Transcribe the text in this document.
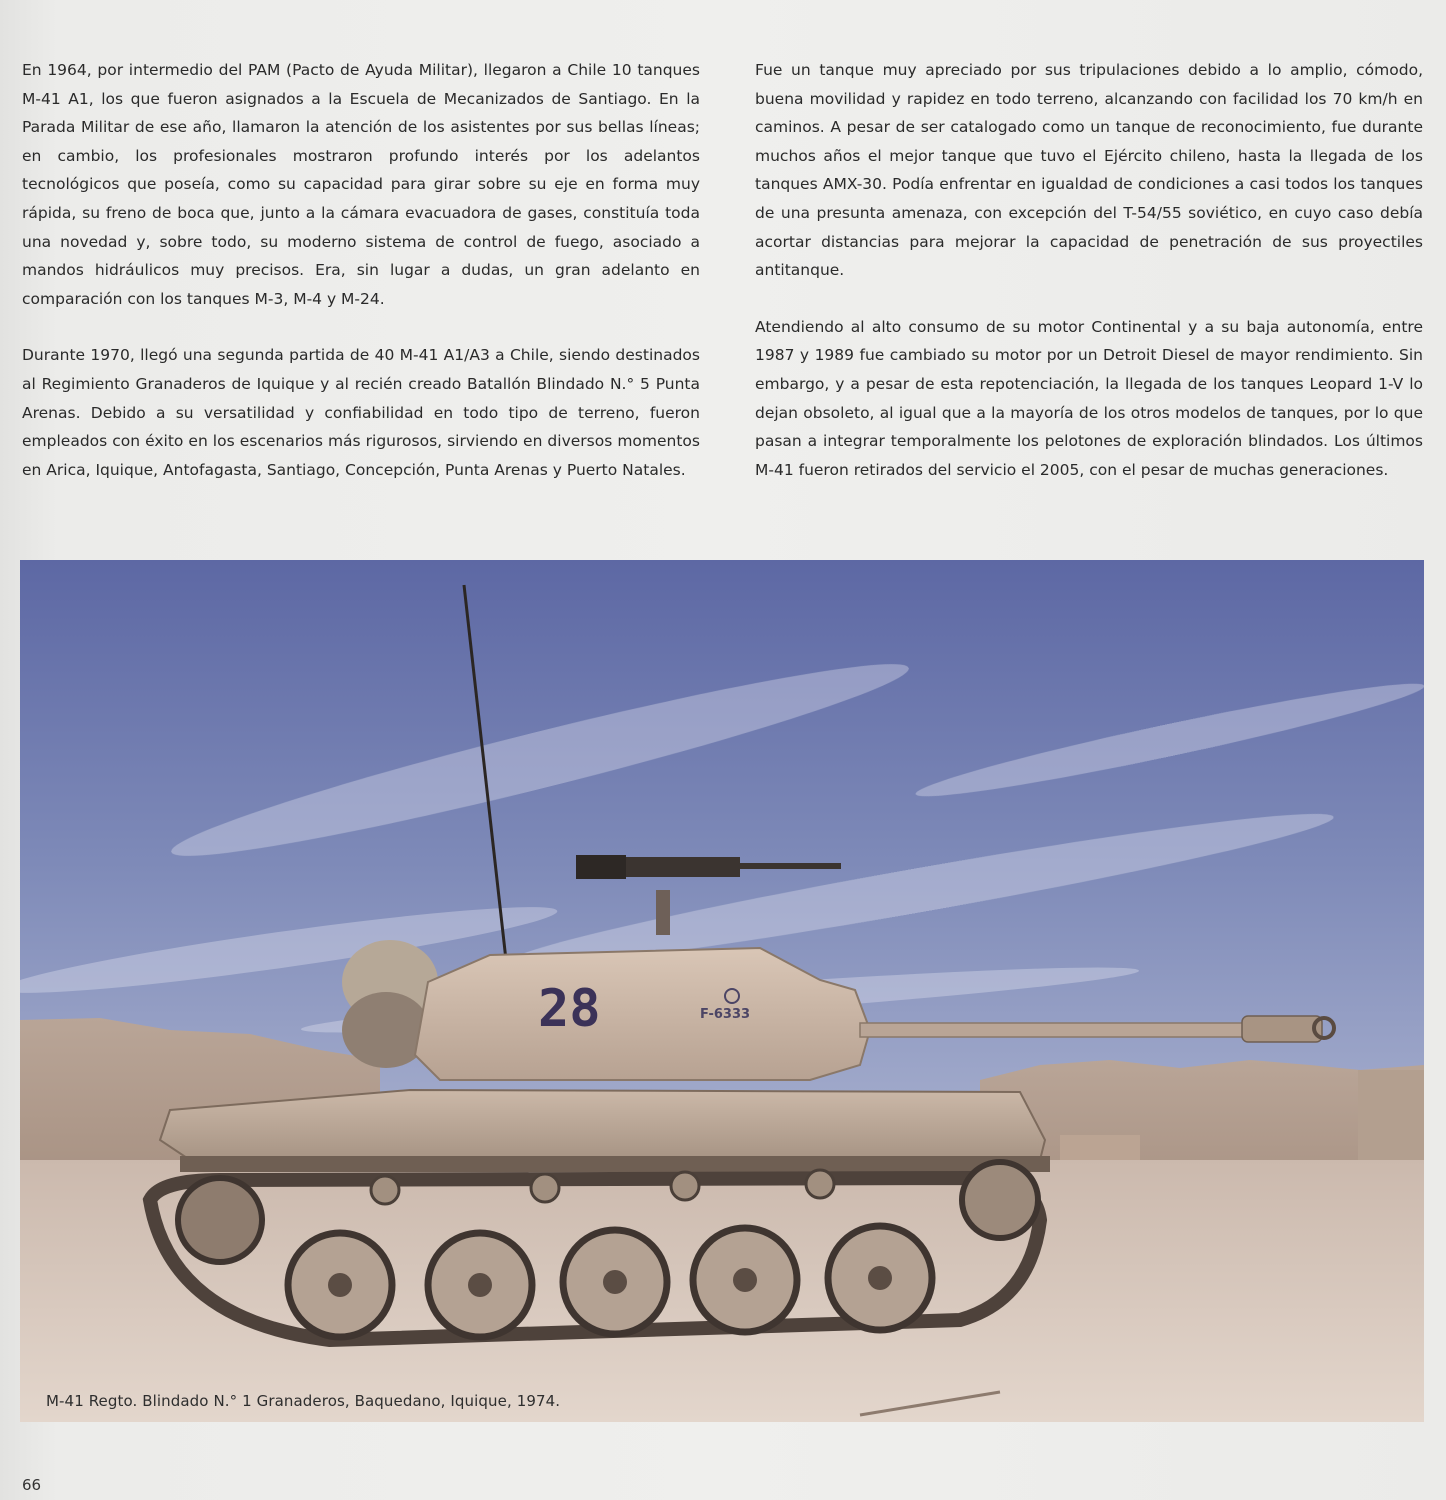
En 1964, por intermedio del PAM (Pacto de Ayuda Militar), llegaron a Chile 10 tanques M-41 A1, los que fueron asignados a la Escuela de Mecanizados de Santiago. En la Parada Militar de ese año, llamaron la atención de los asistentes por sus bellas líneas; en cambio, los profesionales mostraron profundo interés por los adelantos tecnológicos que poseía, como su capacidad para girar sobre su eje en forma muy rápida, su freno de boca que, junto a la cámara evacuadora de gases, constituía toda una novedad y, sobre todo, su moderno sistema de control de fuego, asociado a mandos hidráulicos muy precisos. Era, sin lugar a dudas, un gran adelanto en comparación con los tanques M-3, M-4 y M-24.

Durante 1970, llegó una segunda partida de 40 M-41 A1/A3 a Chile, siendo destinados al Regimiento Granaderos de Iquique y al recién creado Batallón Blindado N.° 5 Punta Arenas. Debido a su versatilidad y confiabilidad en todo tipo de terreno, fueron empleados con éxito en los escenarios más rigurosos, sirviendo en diversos momentos en Arica, Iquique, Antofagasta, Santiago, Concepción, Punta Arenas y Puerto Natales.

Fue un tanque muy apreciado por sus tripulaciones debido a lo amplio, cómodo, buena movilidad y rapidez en todo terreno, alcanzando con facilidad los 70 km/h en caminos. A pesar de ser catalogado como un tanque de reconocimiento, fue durante muchos años el mejor tanque que tuvo el Ejército chileno, hasta la llegada de los tanques AMX-30. Podía enfrentar en igualdad de condiciones a casi todos los tanques de una presunta amenaza, con excepción del T-54/55 soviético, en cuyo caso debía acortar distancias para mejorar la capacidad de penetración de sus proyectiles antitanque.

Atendiendo al alto consumo de su motor Continental y a su baja autonomía, entre 1987 y 1989 fue cambiado su motor por un Detroit Diesel de mayor rendimiento. Sin embargo, y a pesar de esta repotenciación, la llegada de los tanques Leopard 1-V lo dejan obsoleto, al igual que a la mayoría de los otros modelos de tanques, por lo que pasan a integrar temporalmente los pelotones de exploración blindados. Los últimos M-41 fueron retirados del servicio el 2005, con el pesar de muchas generaciones.

28	F-6333
M-41 Regto. Blindado N.° 1 Granaderos, Baquedano, Iquique, 1974.
66
